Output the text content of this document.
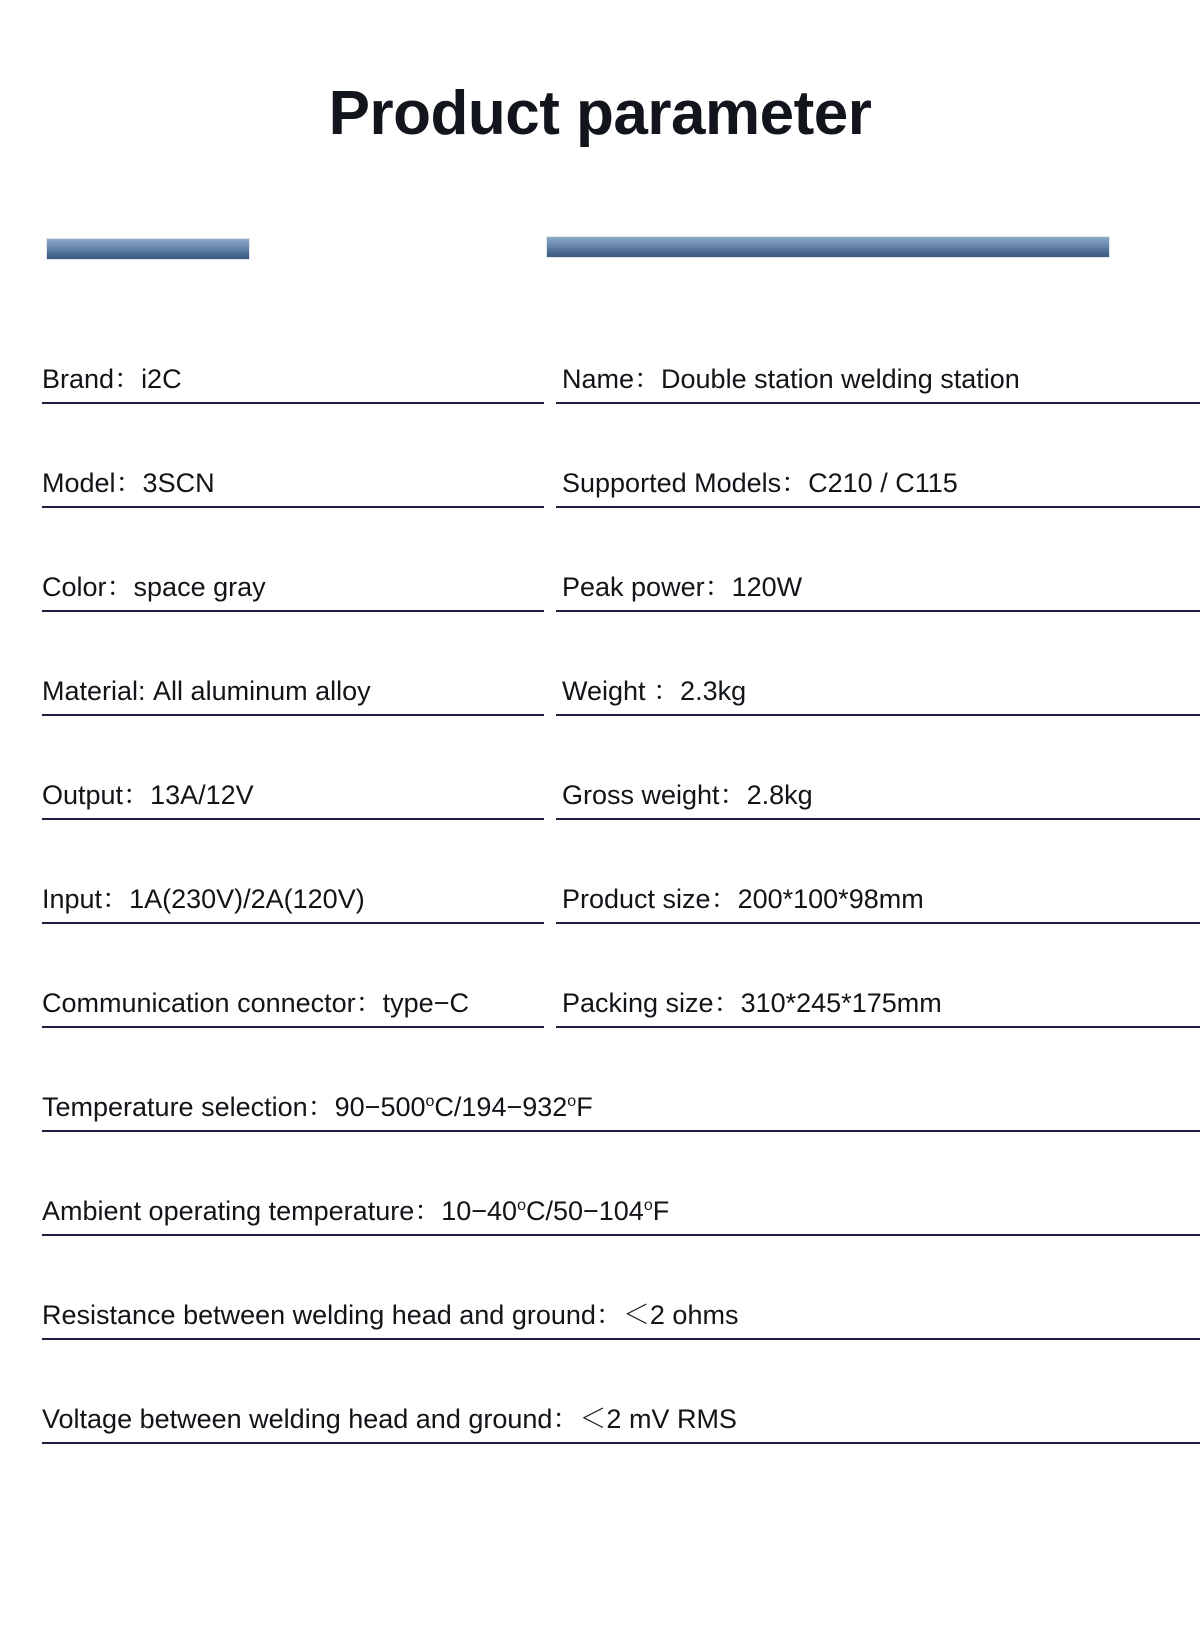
Product parameter
Brand：i2C	Name：Double station welding station
Model：3SCN	Supported Models：C210 / C115
Color：space gray	Peak power：120W
Material: All aluminum alloy	Weight ：2.3kg
Output：13A/12V	Gross weight：2.8kg
Input：1A(230V)/2A(120V)	Product size：200*100*98mm
Communication connector：type−C	Packing size：310*245*175mm
Temperature selection：$90-500^oC/194-932^oF$
Ambient operating temperature：$10-40^oC/50-104^oF$
Resistance between welding head and ground：＜2 ohms
Voltage between welding head and ground：＜2 mV RMS
